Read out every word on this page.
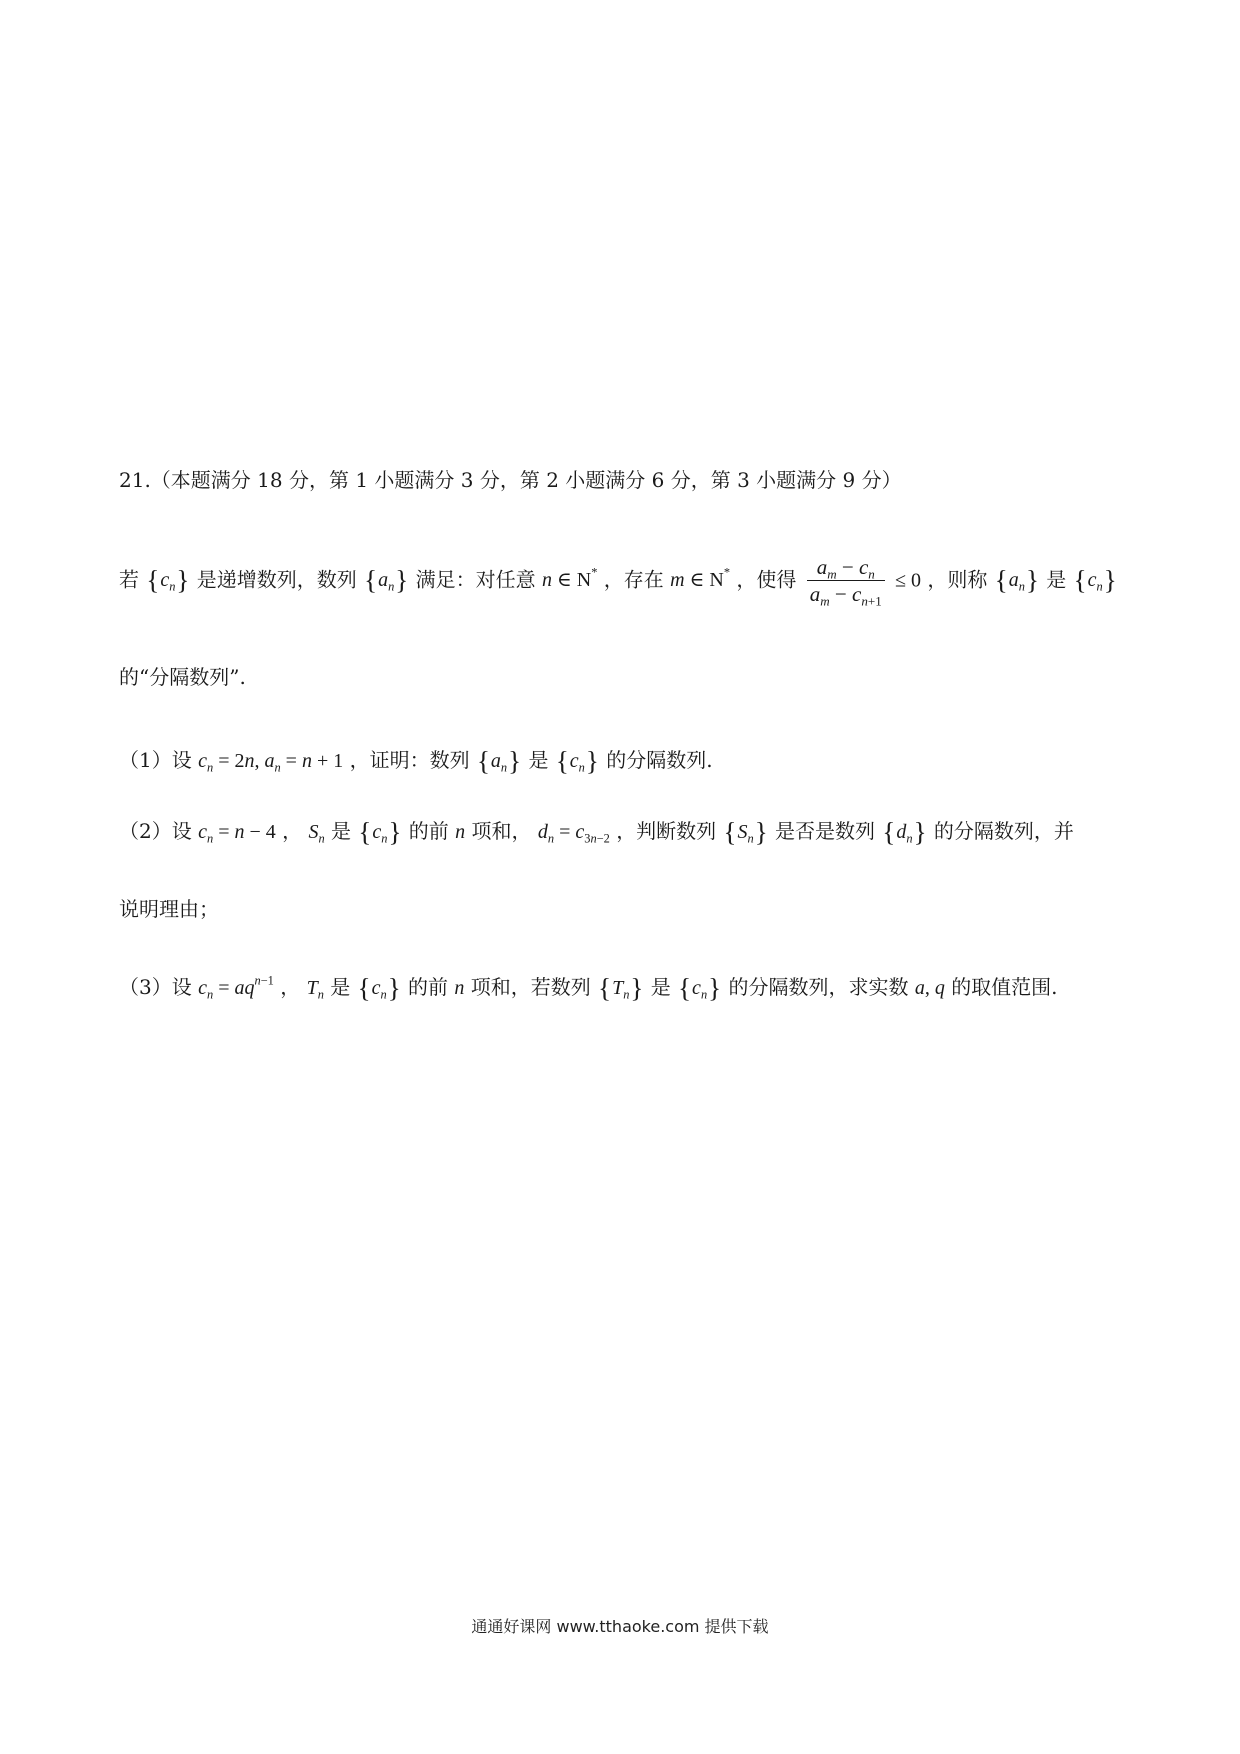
21.（本题满分 18 分，第 1 小题满分 3 分，第 2 小题满分 6 分，第 3 小题满分 9 分）
若 $\{c_n\}$ 是递增数列，数列 $\{a_n\}$ 满足：对任意 n ∈ N* ，存在 m ∈ N* ，使得 $\frac{a_m - c_n}{a_m - c_{n+1}} \le 0$ ，则称 $\{a_n\}$ 是 $\{c_n\}$
的“分隔数列”.
（1）设 $c_n = 2n$, $a_n = n + 1$ ，证明：数列 $\{a_n\}$ 是 $\{c_n\}$ 的分隔数列.
（2）设 $c_n = n - 4$ ， $S_n$ 是 $\{c_n\}$ 的前 n 项和， $d_n = c_{3n-2}$ ，判断数列 $\{S_n\}$ 是否是数列 $\{d_n\}$ 的分隔数列，并
说明理由；
（3）设 $c_n = aq^{n-1}$ ， $T_n$ 是 $\{c_n\}$ 的前 n 项和，若数列 $\{T_n\}$ 是 $\{c_n\}$ 的分隔数列，求实数 a, q 的取值范围.
通通好课网 www.tthaoke.com 提供下载
